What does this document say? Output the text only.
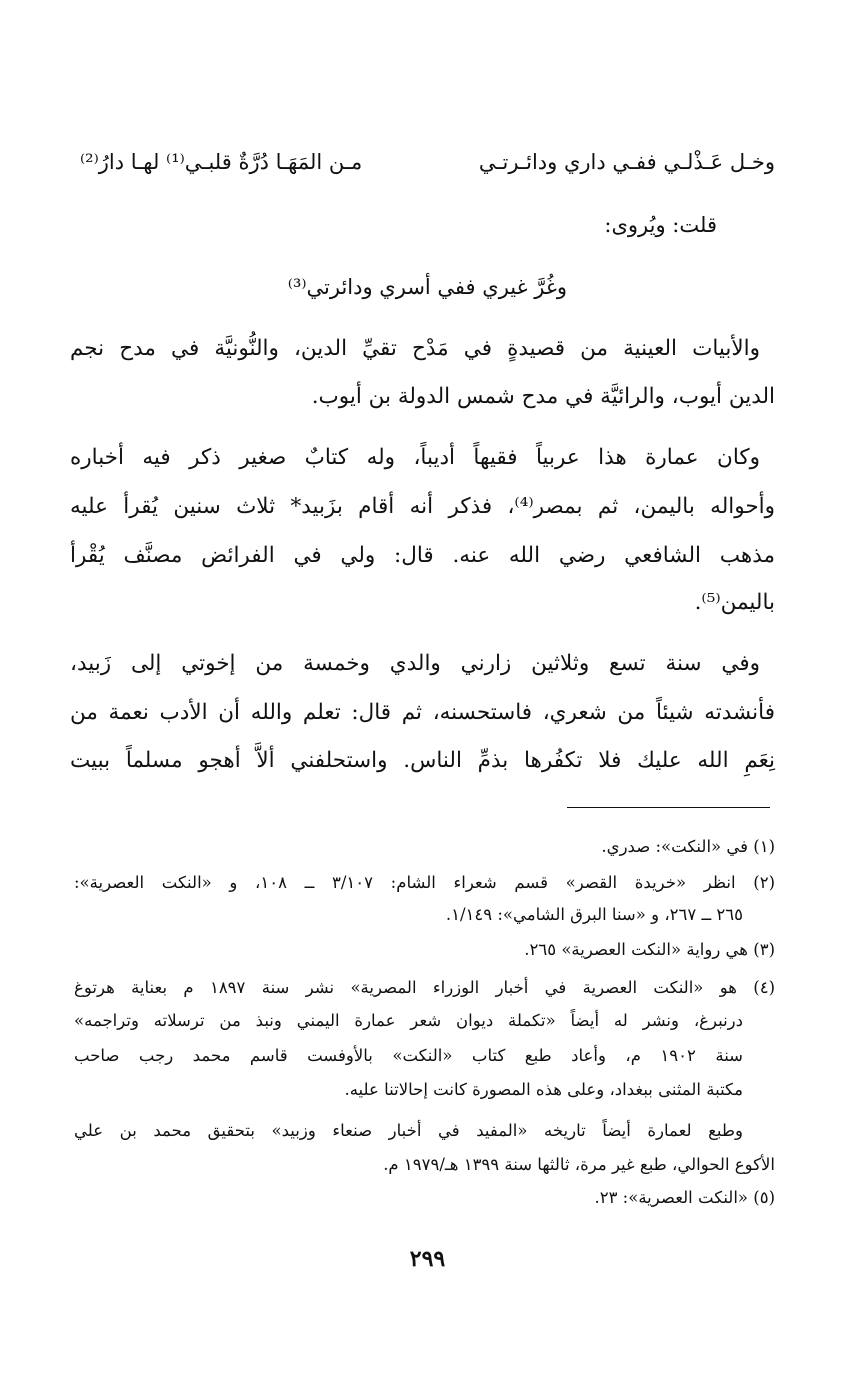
وخـل عَـذْلـي ففـي داري ودائـرتـي
مـن المَهَـا دُرَّةٌ قلبـي⁽¹⁾ لهـا دارُ⁽²⁾
قلت: ويُروى:
وغُرَّ غيري ففي أسري ودائرتي⁽³⁾
والأبيات العينية من قصيدةٍ في مَدْح تقيِّ الدين، والنُّونيَّة في مدح نجم
الدين أيوب، والرائيَّة في مدح شمس الدولة بن أيوب.
وكان عمارة هذا عربياً فقيهاً أديباً، وله كتابٌ صغير ذكر فيه أخباره
وأحواله باليمن، ثم بمصر⁽⁴⁾، فذكر أنه أقام بزَبيد* ثلاث سنين يُقرأ عليه
مذهب الشافعي رضي الله عنه. قال: ولي في الفرائض مصنَّف يُقْرأ
باليمن⁽⁵⁾.
وفي سنة تسع وثلاثين زارني والدي وخمسة من إخوتي إلى زَبيد،
فأنشدته شيئاً من شعري، فاستحسنه، ثم قال: تعلم والله أن الأدب نعمة من
نِعَمِ الله عليك فلا تكفُرها بذمِّ الناس. واستحلفني ألاَّ أهجو مسلماً ببيت
(١) في «النكت»: صدري.
(٢) انظر «خريدة القصر» قسم شعراء الشام: ٣/١٠٧ ــ ١٠٨، و «النكت العصرية»:
٢٦٥ ــ ٢٦٧، و «سنا البرق الشامي»: ١/١٤٩.
(٣) هي رواية «النكت العصرية» ٢٦٥.
(٤) هو «النكت العصرية في أخبار الوزراء المصرية» نشر سنة ١٨٩٧ م بعناية هرتوغ
درنبرغ، ونشر له أيضاً «تكملة ديوان شعر عمارة اليمني ونبذ من ترسلاته وتراجمه»
سنة ١٩٠٢ م، وأعاد طبع كتاب «النكت» بالأوفست قاسم محمد رجب صاحب
مكتبة المثنى ببغداد، وعلى هذه المصورة كانت إحالاتنا عليه.
وطبع لعمارة أيضاً تاريخه «المفيد في أخبار صنعاء وزبيد» بتحقيق محمد بن علي
الأكوع الحوالي، طبع غير مرة، ثالثها سنة ١٣٩٩ هـ/١٩٧٩ م.
(٥) «النكت العصرية»: ٢٣.
٢٩٩
